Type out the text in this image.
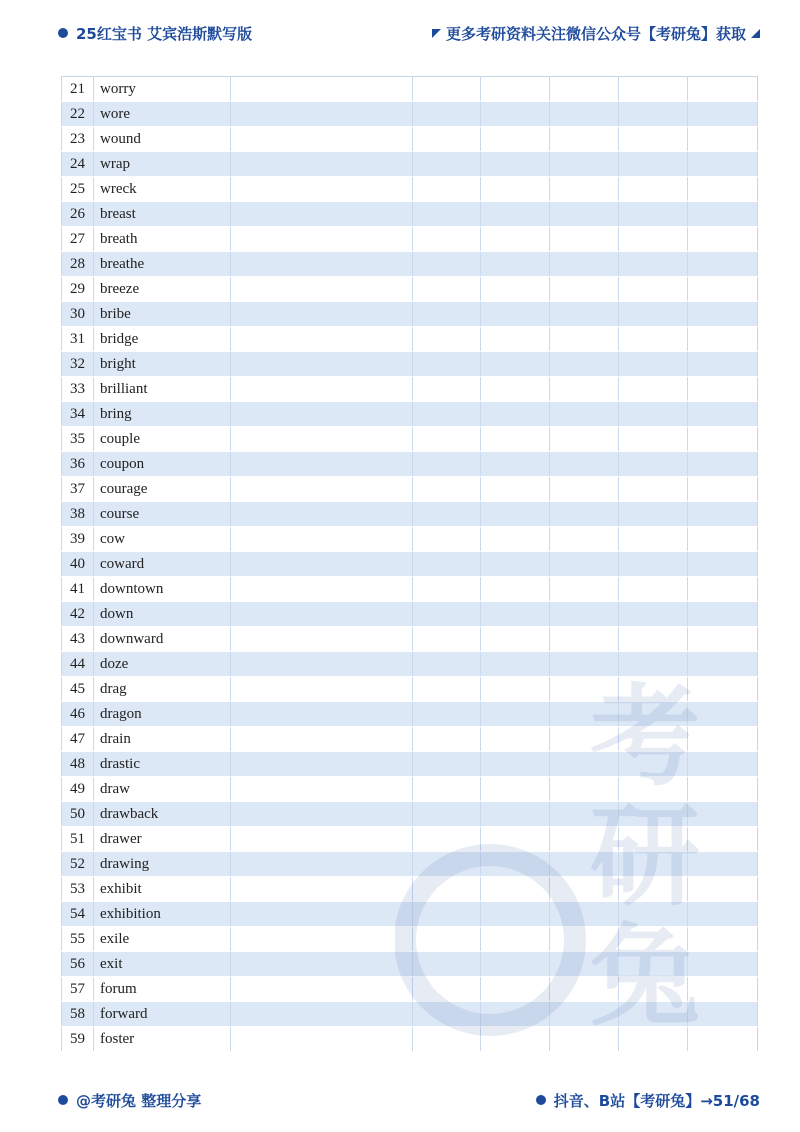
25红宝书 艾宾浩斯默写版	更多考研资料关注微信公众号【考研兔】获取
21	worry						
22	wore						
23	wound						
24	wrap						
25	wreck						
26	breast						
27	breath						
28	breathe						
29	breeze						
30	bribe						
31	bridge						
32	bright						
33	brilliant						
34	bring						
35	couple						
36	coupon						
37	courage						
38	course						
39	cow						
40	coward						
41	downtown						
42	down						
43	downward						
44	doze						
45	drag						
46	dragon						
47	drain						
48	drastic						
49	draw						
50	drawback						
51	drawer						
52	drawing						
53	exhibit						
54	exhibition						
55	exile						
56	exit						
57	forum						
58	forward						
59	foster						
@考研兔 整理分享	抖音、B站【考研兔】→51/68
